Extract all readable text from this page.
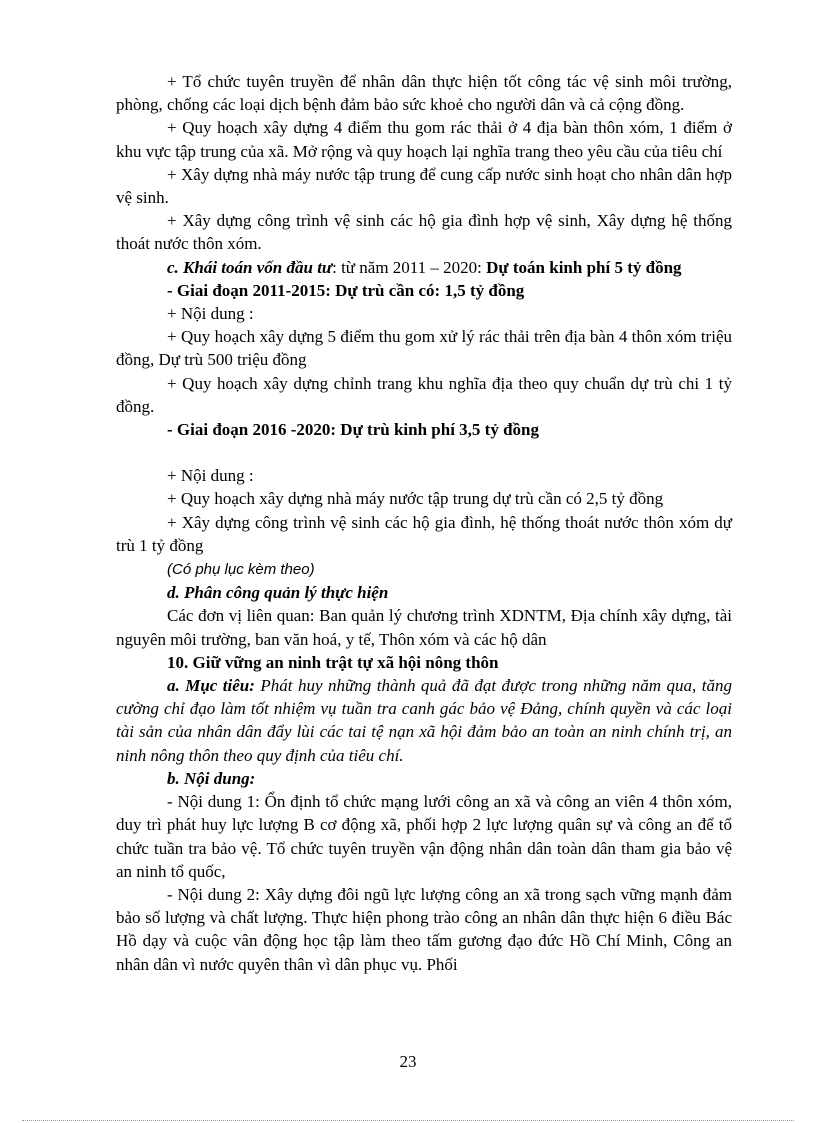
+ Tổ chức tuyên truyền để nhân dân thực hiện tốt công tác vệ sinh môi trường, phòng, chống các loại dịch bệnh đảm bảo sức khoẻ cho người dân và cả cộng đồng.

+ Quy hoạch xây dựng 4 điểm thu gom rác thải ở 4 địa bàn thôn xóm, 1 điểm ở khu vực tập trung của xã. Mở rộng và quy hoạch lại nghĩa trang theo yêu cầu của tiêu chí

+ Xây dựng nhà máy nước tập trung để cung cấp nước sinh hoạt cho nhân dân hợp vệ sinh.

+ Xây dựng công trình vệ sinh các hộ gia đình hợp vệ sinh, Xây dựng hệ thống thoát nước thôn xóm.

c. Khái toán vốn đầu tư: từ năm 2011 – 2020: Dự toán kinh phí 5 tỷ đồng

- Giai đoạn 2011-2015: Dự trù cần có: 1,5 tỷ đồng

+ Nội dung :

+ Quy hoạch xây dựng 5 điểm thu gom xử lý rác thải trên địa bàn 4 thôn xóm triệu đồng, Dự trù 500 triệu đồng

+ Quy hoạch xây dựng chỉnh trang khu nghĩa địa theo quy chuẩn dự trù chi 1 tỷ đồng.

- Giai đoạn 2016 -2020: Dự trù kinh phí 3,5 tỷ đồng

+ Nội dung :

+ Quy hoạch xây dựng nhà máy nước tập trung dự trù cần có 2,5 tỷ đồng

+ Xây dựng công trình vệ sinh các hộ gia đình, hệ thống thoát nước thôn xóm dự trù 1 tỷ đồng

(Có phụ lục kèm theo)

d. Phân công quản lý thực hiện

Các đơn vị liên quan: Ban quản lý chương trình XDNTM, Địa chính xây dựng, tài nguyên môi trường, ban văn hoá, y tế, Thôn xóm và các hộ dân

10. Giữ vững an ninh trật tự xã hội nông thôn

a. Mục tiêu: Phát huy những thành quả đã đạt được trong những năm qua, tăng cường chỉ đạo làm tốt nhiệm vụ tuần tra canh gác bảo vệ Đảng, chính quyền và các loại tài sản của nhân dân đẩy lùi các tai tệ nạn xã hội đảm bảo an toàn an ninh chính trị, an ninh nông thôn theo quy định của tiêu chí.

b. Nội dung:

- Nội dung 1: Ổn định tổ chức mạng lưới công an xã và công an viên 4 thôn xóm, duy trì phát huy lực lượng B cơ động xã, phối hợp 2 lực lượng quân sự và công an để tổ chức tuần tra bảo vệ. Tổ chức tuyên truyền vận động nhân dân toàn dân tham gia bảo vệ an ninh tổ quốc,

- Nội dung 2: Xây dựng đôi ngũ lực lượng công an xã trong sạch vững mạnh đảm bảo số lượng và chất lượng. Thực hiện phong trào công an nhân dân thực hiện 6 điều Bác Hồ dạy và cuộc vân động học tập làm theo tấm gương đạo đức Hồ Chí Minh, Công an nhân dân vì nước quyên thân vì dân phục vụ. Phối

23
